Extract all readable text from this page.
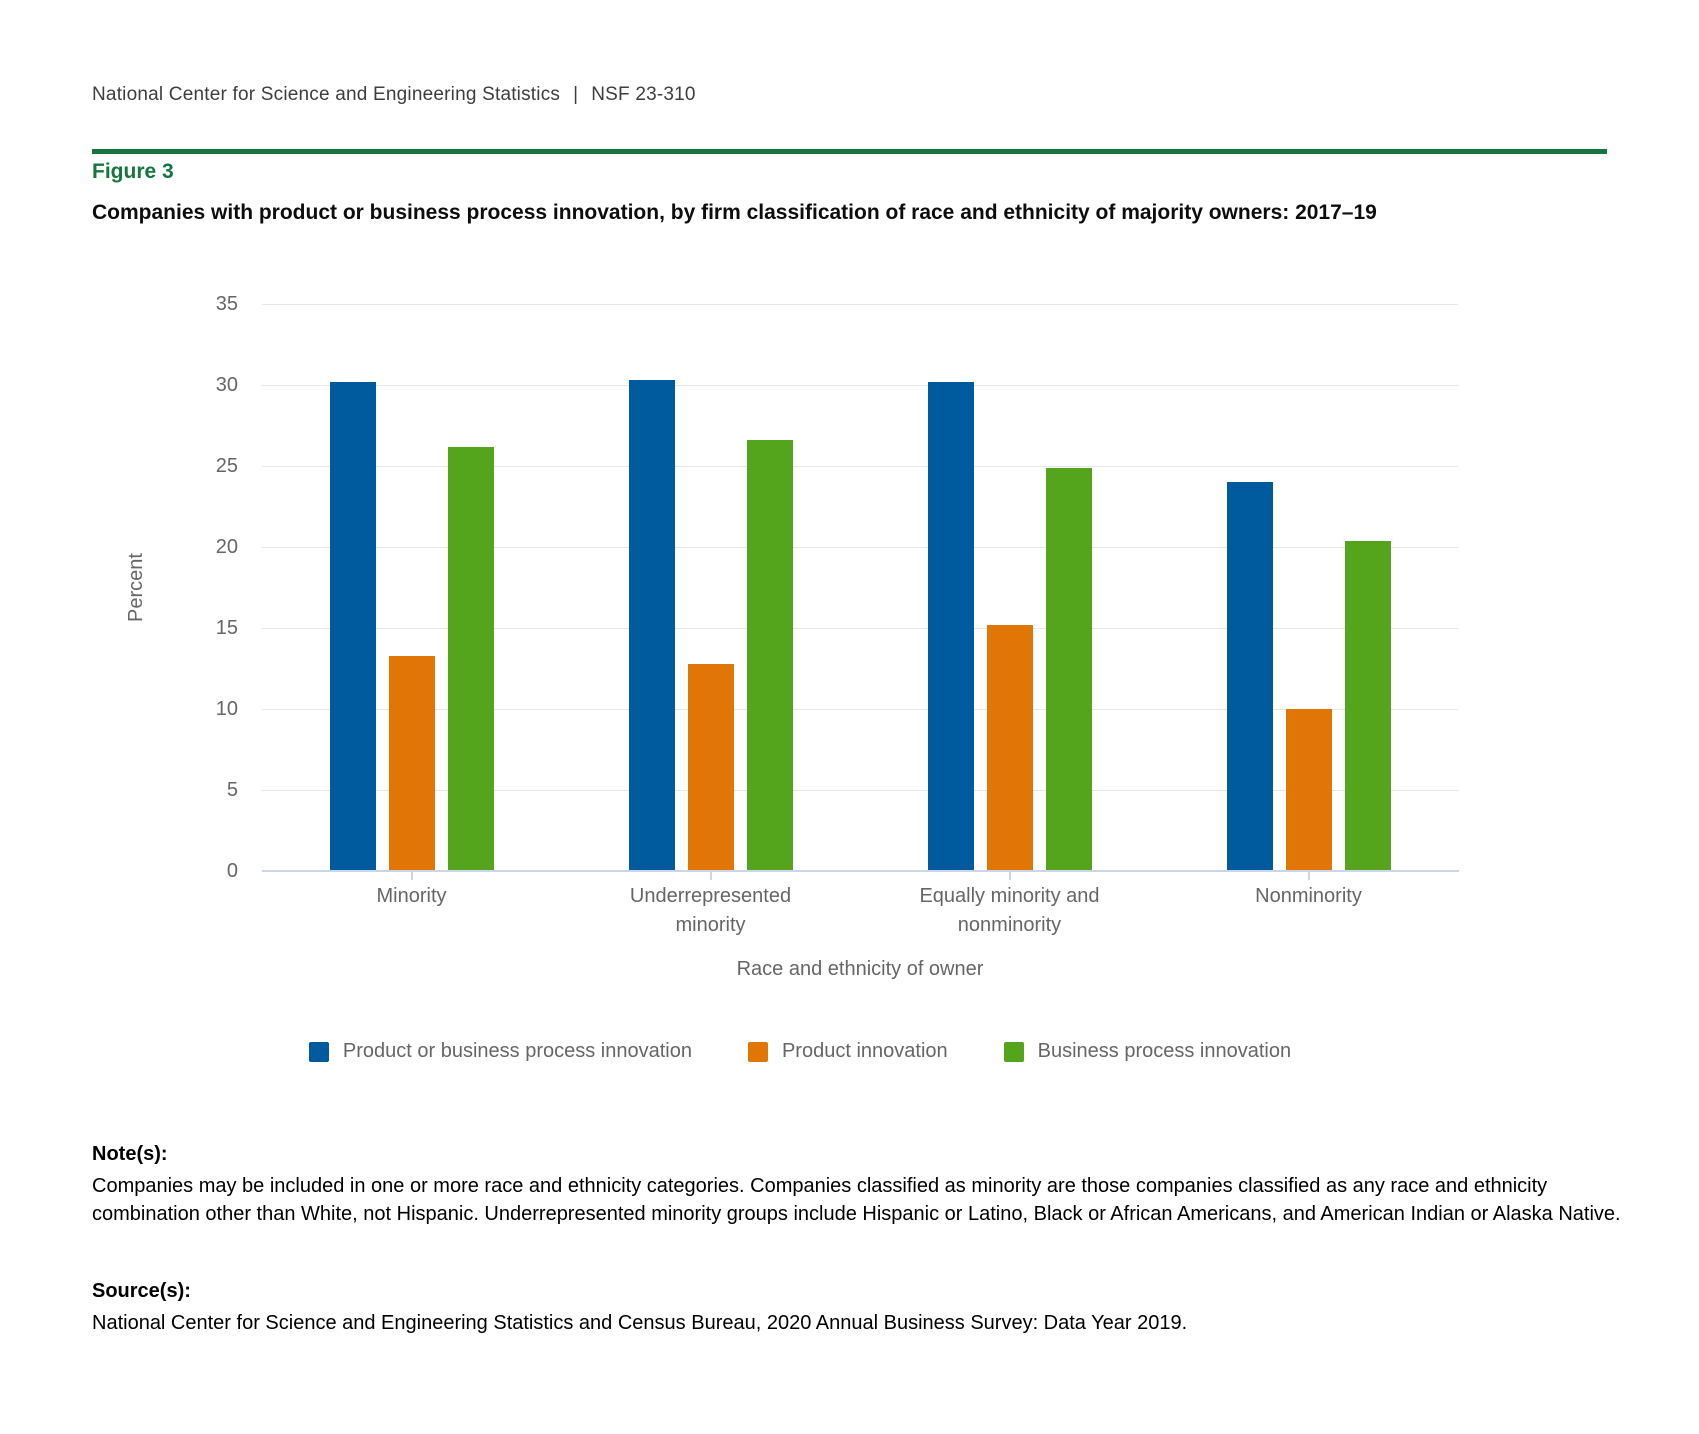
National Center for Science and Engineering Statistics | NSF 23-310
Figure 3
Companies with product or business process innovation, by firm classification of race and ethnicity of majority owners: 2017–19
Percent
0
5
10
15
20
25
30
35
Minority	Underrepresented minority
Equally minority and nonminority
Nonminority
Race and ethnicity of owner
Product or business process innovation	Product innovation	Business process innovation
Note(s):
Companies may be included in one or more race and ethnicity categories. Companies classified as minority are those companies classified as any race and ethnicity combination other than White, not Hispanic. Underrepresented minority groups include Hispanic or Latino, Black or African Americans, and American Indian or Alaska Native.
Source(s):
National Center for Science and Engineering Statistics and Census Bureau, 2020 Annual Business Survey: Data Year 2019.
